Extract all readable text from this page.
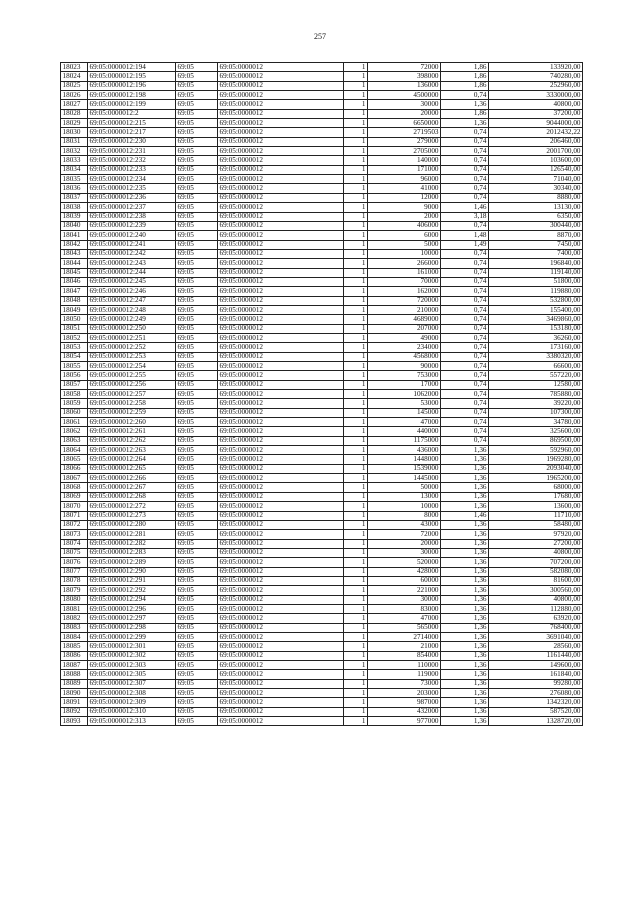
257
18023	69:05:0000012:194	69:05	69:05:0000012	1	72000	1,86	133920,00
18024	69:05:0000012:195	69:05	69:05:0000012	1	398000	1,86	740280,00
18025	69:05:0000012:196	69:05	69:05:0000012	1	136000	1,86	252960,00
18026	69:05:0000012:198	69:05	69:05:0000012	1	4500000	0,74	3330000,00
18027	69:05:0000012:199	69:05	69:05:0000012	1	30000	1,36	40800,00
18028	69:05:0000012:2	69:05	69:05:0000012	1	20000	1,86	37200,00
18029	69:05:0000012:215	69:05	69:05:0000012	1	6650000	1,36	9044000,00
18030	69:05:0000012:217	69:05	69:05:0000012	1	2719503	0,74	2012432,22
18031	69:05:0000012:230	69:05	69:05:0000012	1	279000	0,74	206460,00
18032	69:05:0000012:231	69:05	69:05:0000012	1	2705000	0,74	2001700,00
18033	69:05:0000012:232	69:05	69:05:0000012	1	140000	0,74	103600,00
18034	69:05:0000012:233	69:05	69:05:0000012	1	171000	0,74	126540,00
18035	69:05:0000012:234	69:05	69:05:0000012	1	96000	0,74	71040,00
18036	69:05:0000012:235	69:05	69:05:0000012	1	41000	0,74	30340,00
18037	69:05:0000012:236	69:05	69:05:0000012	1	12000	0,74	8880,00
18038	69:05:0000012:237	69:05	69:05:0000012	1	9000	1,46	13130,00
18039	69:05:0000012:238	69:05	69:05:0000012	1	2000	3,18	6350,00
18040	69:05:0000012:239	69:05	69:05:0000012	1	406000	0,74	300440,00
18041	69:05:0000012:240	69:05	69:05:0000012	1	6000	1,48	8870,00
18042	69:05:0000012:241	69:05	69:05:0000012	1	5000	1,49	7450,00
18043	69:05:0000012:242	69:05	69:05:0000012	1	10000	0,74	7400,00
18044	69:05:0000012:243	69:05	69:05:0000012	1	266000	0,74	196840,00
18045	69:05:0000012:244	69:05	69:05:0000012	1	161000	0,74	119140,00
18046	69:05:0000012:245	69:05	69:05:0000012	1	70000	0,74	51800,00
18047	69:05:0000012:246	69:05	69:05:0000012	1	162000	0,74	119880,00
18048	69:05:0000012:247	69:05	69:05:0000012	1	720000	0,74	532800,00
18049	69:05:0000012:248	69:05	69:05:0000012	1	210000	0,74	155400,00
18050	69:05:0000012:249	69:05	69:05:0000012	1	4689000	0,74	3469860,00
18051	69:05:0000012:250	69:05	69:05:0000012	1	207000	0,74	153180,00
18052	69:05:0000012:251	69:05	69:05:0000012	1	49000	0,74	36260,00
18053	69:05:0000012:252	69:05	69:05:0000012	1	234000	0,74	173160,00
18054	69:05:0000012:253	69:05	69:05:0000012	1	4568000	0,74	3380320,00
18055	69:05:0000012:254	69:05	69:05:0000012	1	90000	0,74	66600,00
18056	69:05:0000012:255	69:05	69:05:0000012	1	753000	0,74	557220,00
18057	69:05:0000012:256	69:05	69:05:0000012	1	17000	0,74	12580,00
18058	69:05:0000012:257	69:05	69:05:0000012	1	1062000	0,74	785880,00
18059	69:05:0000012:258	69:05	69:05:0000012	1	53000	0,74	39220,00
18060	69:05:0000012:259	69:05	69:05:0000012	1	145000	0,74	107300,00
18061	69:05:0000012:260	69:05	69:05:0000012	1	47000	0,74	34780,00
18062	69:05:0000012:261	69:05	69:05:0000012	1	440000	0,74	325600,00
18063	69:05:0000012:262	69:05	69:05:0000012	1	1175000	0,74	869500,00
18064	69:05:0000012:263	69:05	69:05:0000012	1	436000	1,36	592960,00
18065	69:05:0000012:264	69:05	69:05:0000012	1	1448000	1,36	1969280,00
18066	69:05:0000012:265	69:05	69:05:0000012	1	1539000	1,36	2093040,00
18067	69:05:0000012:266	69:05	69:05:0000012	1	1445000	1,36	1965200,00
18068	69:05:0000012:267	69:05	69:05:0000012	1	50000	1,36	68000,00
18069	69:05:0000012:268	69:05	69:05:0000012	1	13000	1,36	17680,00
18070	69:05:0000012:272	69:05	69:05:0000012	1	10000	1,36	13600,00
18071	69:05:0000012:273	69:05	69:05:0000012	1	8000	1,46	11710,00
18072	69:05:0000012:280	69:05	69:05:0000012	1	43000	1,36	58480,00
18073	69:05:0000012:281	69:05	69:05:0000012	1	72000	1,36	97920,00
18074	69:05:0000012:282	69:05	69:05:0000012	1	20000	1,36	27200,00
18075	69:05:0000012:283	69:05	69:05:0000012	1	30000	1,36	40800,00
18076	69:05:0000012:289	69:05	69:05:0000012	1	520000	1,36	707200,00
18077	69:05:0000012:290	69:05	69:05:0000012	1	428000	1,36	582080,00
18078	69:05:0000012:291	69:05	69:05:0000012	1	60000	1,36	81600,00
18079	69:05:0000012:292	69:05	69:05:0000012	1	221000	1,36	300560,00
18080	69:05:0000012:294	69:05	69:05:0000012	1	30000	1,36	40800,00
18081	69:05:0000012:296	69:05	69:05:0000012	1	83000	1,36	112880,00
18082	69:05:0000012:297	69:05	69:05:0000012	1	47000	1,36	63920,00
18083	69:05:0000012:298	69:05	69:05:0000012	1	565000	1,36	768400,00
18084	69:05:0000012:299	69:05	69:05:0000012	1	2714000	1,36	3691040,00
18085	69:05:0000012:301	69:05	69:05:0000012	1	21000	1,36	28560,00
18086	69:05:0000012:302	69:05	69:05:0000012	1	854000	1,36	1161440,00
18087	69:05:0000012:303	69:05	69:05:0000012	1	110000	1,36	149600,00
18088	69:05:0000012:305	69:05	69:05:0000012	1	119000	1,36	161840,00
18089	69:05:0000012:307	69:05	69:05:0000012	1	73000	1,36	99280,00
18090	69:05:0000012:308	69:05	69:05:0000012	1	203000	1,36	276080,00
18091	69:05:0000012:309	69:05	69:05:0000012	1	987000	1,36	1342320,00
18092	69:05:0000012:310	69:05	69:05:0000012	1	432000	1,36	587520,00
18093	69:05:0000012:313	69:05	69:05:0000012	1	977000	1,36	1328720,00
